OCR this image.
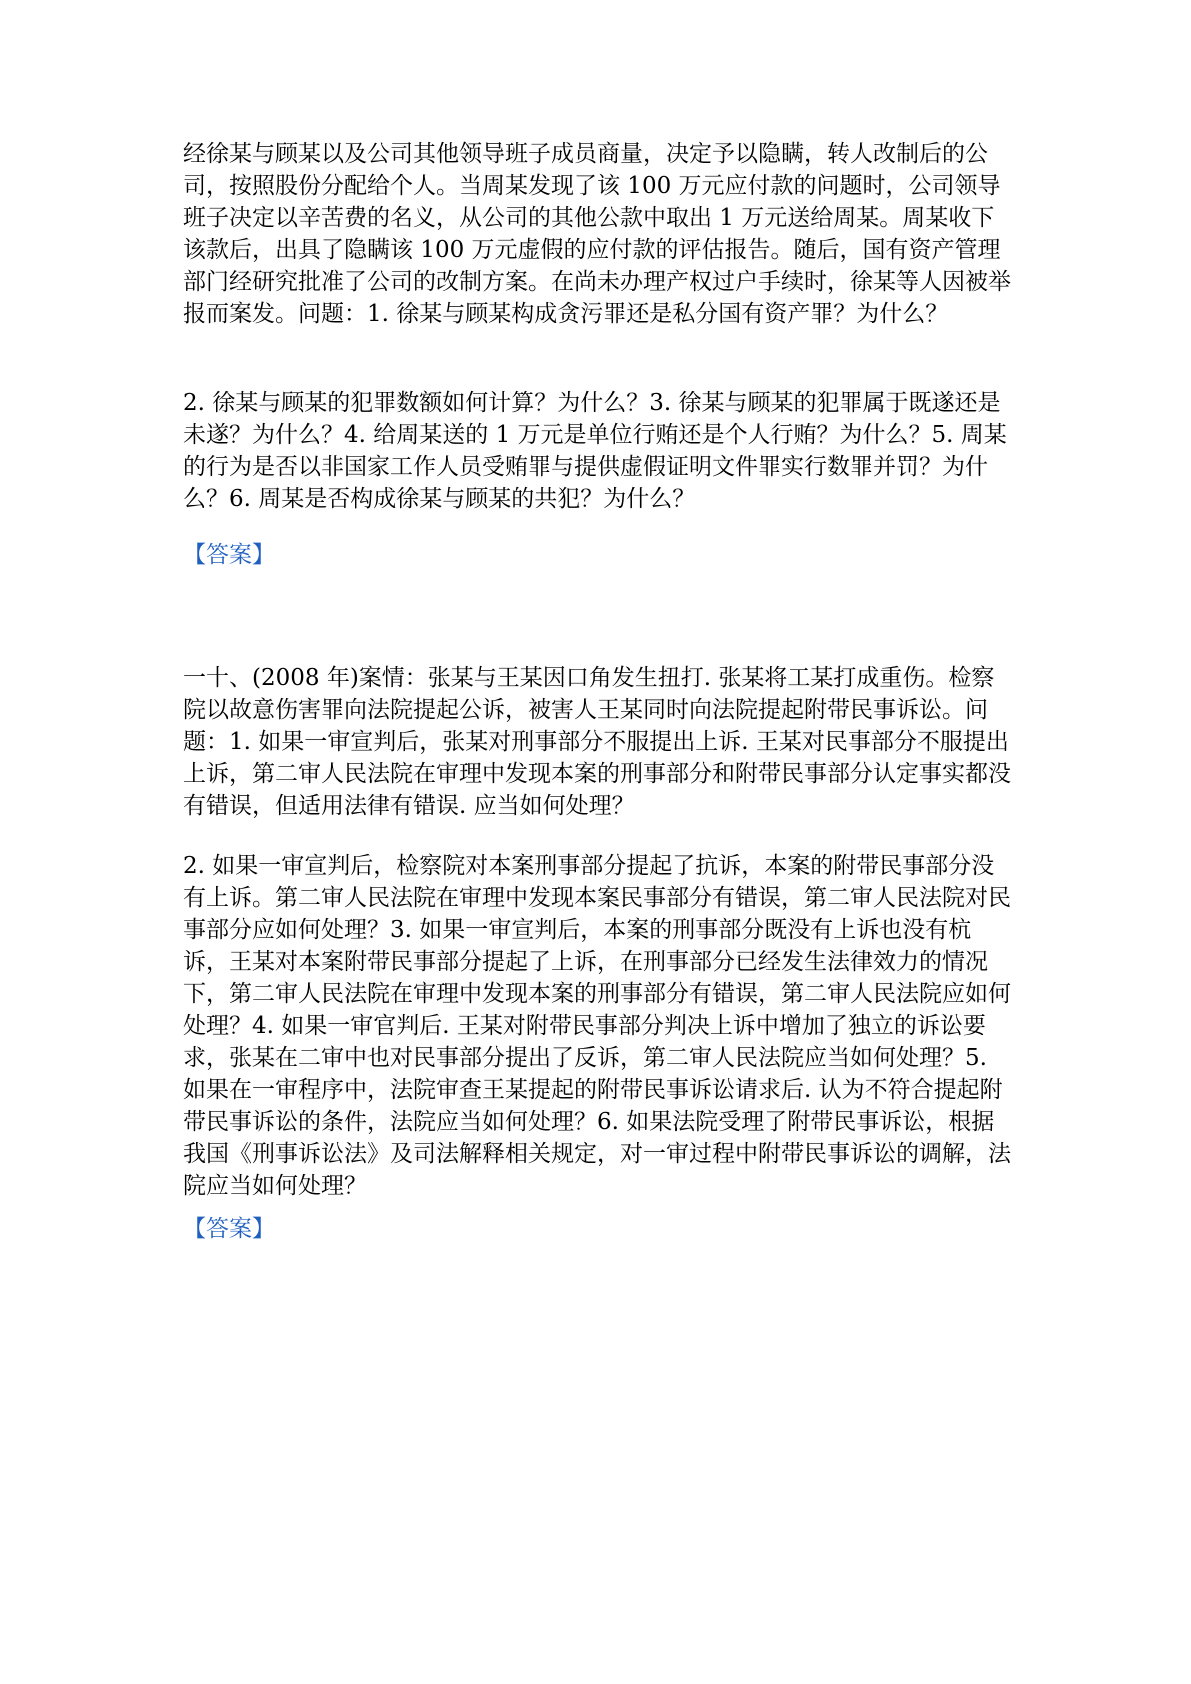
经徐某与顾某以及公司其他领导班子成员商量，决定予以隐瞒，转人改制后的公司，按照股份分配给个人。当周某发现了该 100 万元应付款的问题时，公司领导班子决定以辛苦费的名义，从公司的其他公款中取出 1 万元送给周某。周某收下该款后，出具了隐瞒该 100 万元虚假的应付款的评估报告。随后，国有资产管理部门经研究批准了公司的改制方案。在尚未办理产权过户手续时，徐某等人因被举报而案发。问题：1. 徐某与顾某构成贪污罪还是私分国有资产罪？为什么？

2. 徐某与顾某的犯罪数额如何计算？为什么？3. 徐某与顾某的犯罪属于既遂还是未遂？为什么？4. 给周某送的 1 万元是单位行贿还是个人行贿？为什么？5. 周某的行为是否以非国家工作人员受贿罪与提供虚假证明文件罪实行数罪并罚？为什么？6. 周某是否构成徐某与顾某的共犯？为什么？

【答案】

一十、(2008 年)案情：张某与王某因口角发生扭打. 张某将工某打成重伤。检察院以故意伤害罪向法院提起公诉，被害人王某同时向法院提起附带民事诉讼。问题：1. 如果一审宣判后，张某对刑事部分不服提出上诉. 王某对民事部分不服提出上诉，第二审人民法院在审理中发现本案的刑事部分和附带民事部分认定事实都没有错误，但适用法律有错误. 应当如何处理？

2. 如果一审宣判后，检察院对本案刑事部分提起了抗诉，本案的附带民事部分没有上诉。第二审人民法院在审理中发现本案民事部分有错误，第二审人民法院对民事部分应如何处理？3. 如果一审宣判后，本案的刑事部分既没有上诉也没有杭诉，王某对本案附带民事部分提起了上诉，在刑事部分已经发生法律效力的情况下，第二审人民法院在审理中发现本案的刑事部分有错误，第二审人民法院应如何处理？4. 如果一审官判后. 王某对附带民事部分判决上诉中增加了独立的诉讼要求，张某在二审中也对民事部分提出了反诉，第二审人民法院应当如何处理？5. 如果在一审程序中，法院审查王某提起的附带民事诉讼请求后. 认为不符合提起附带民事诉讼的条件，法院应当如何处理？6. 如果法院受理了附带民事诉讼，根据我国《刑事诉讼法》及司法解释相关规定，对一审过程中附带民事诉讼的调解，法院应当如何处理？

【答案】
